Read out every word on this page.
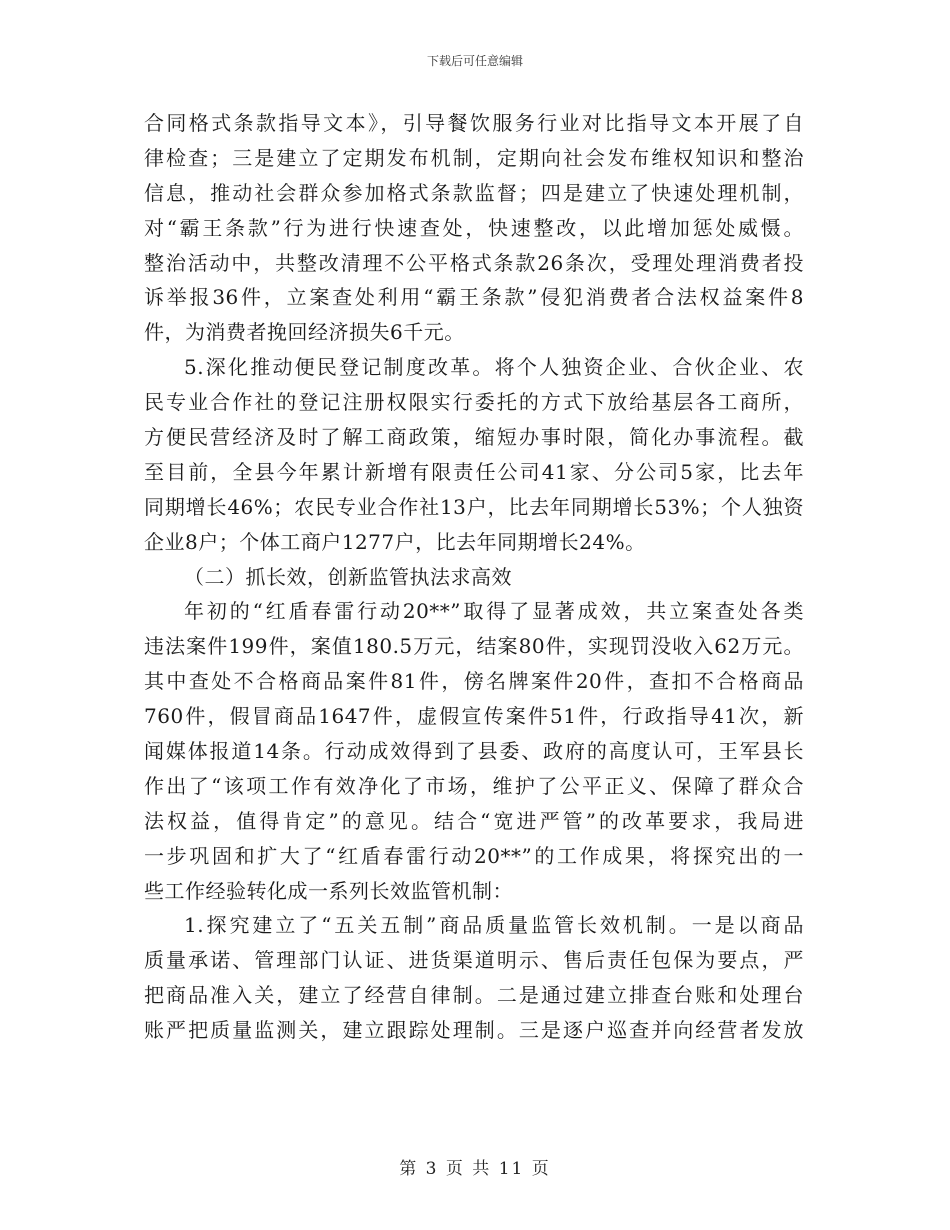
下载后可任意编辑
合同格式条款指导文本》，引导餐饮服务行业对比指导文本开展了自
律检查；三是建立了定期发布机制，定期向社会发布维权知识和整治
信息，推动社会群众参加格式条款监督；四是建立了快速处理机制，
对“霸王条款”行为进行快速查处，快速整改，以此增加惩处威慑。
整治活动中，共整改清理不公平格式条款26条次，受理处理消费者投
诉举报36件，立案查处利用“霸王条款”侵犯消费者合法权益案件8
件，为消费者挽回经济损失6千元。
5.深化推动便民登记制度改革。将个人独资企业、合伙企业、农
民专业合作社的登记注册权限实行委托的方式下放给基层各工商所，
方便民营经济及时了解工商政策，缩短办事时限，简化办事流程。截
至目前，全县今年累计新增有限责任公司41家、分公司5家，比去年
同期增长46%；农民专业合作社13户，比去年同期增长53%；个人独资
企业8户；个体工商户1277户，比去年同期增长24%。
（二）抓长效，创新监管执法求高效
年初的“红盾春雷行动20**”取得了显著成效，共立案查处各类
违法案件199件，案值180.5万元，结案80件，实现罚没收入62万元。
其中查处不合格商品案件81件，傍名牌案件20件，查扣不合格商品
760件，假冒商品1647件，虚假宣传案件51件，行政指导41次，新
闻媒体报道14条。行动成效得到了县委、政府的高度认可，王军县长
作出了“该项工作有效净化了市场，维护了公平正义、保障了群众合
法权益，值得肯定”的意见。结合“宽进严管”的改革要求，我局进
一步巩固和扩大了“红盾春雷行动20**”的工作成果，将探究出的一
些工作经验转化成一系列长效监管机制：
1.探究建立了“五关五制”商品质量监管长效机制。一是以商品
质量承诺、管理部门认证、进货渠道明示、售后责任包保为要点，严
把商品准入关，建立了经营自律制。二是通过建立排查台账和处理台
账严把质量监测关，建立跟踪处理制。三是逐户巡查并向经营者发放
第 3 页 共 11 页
